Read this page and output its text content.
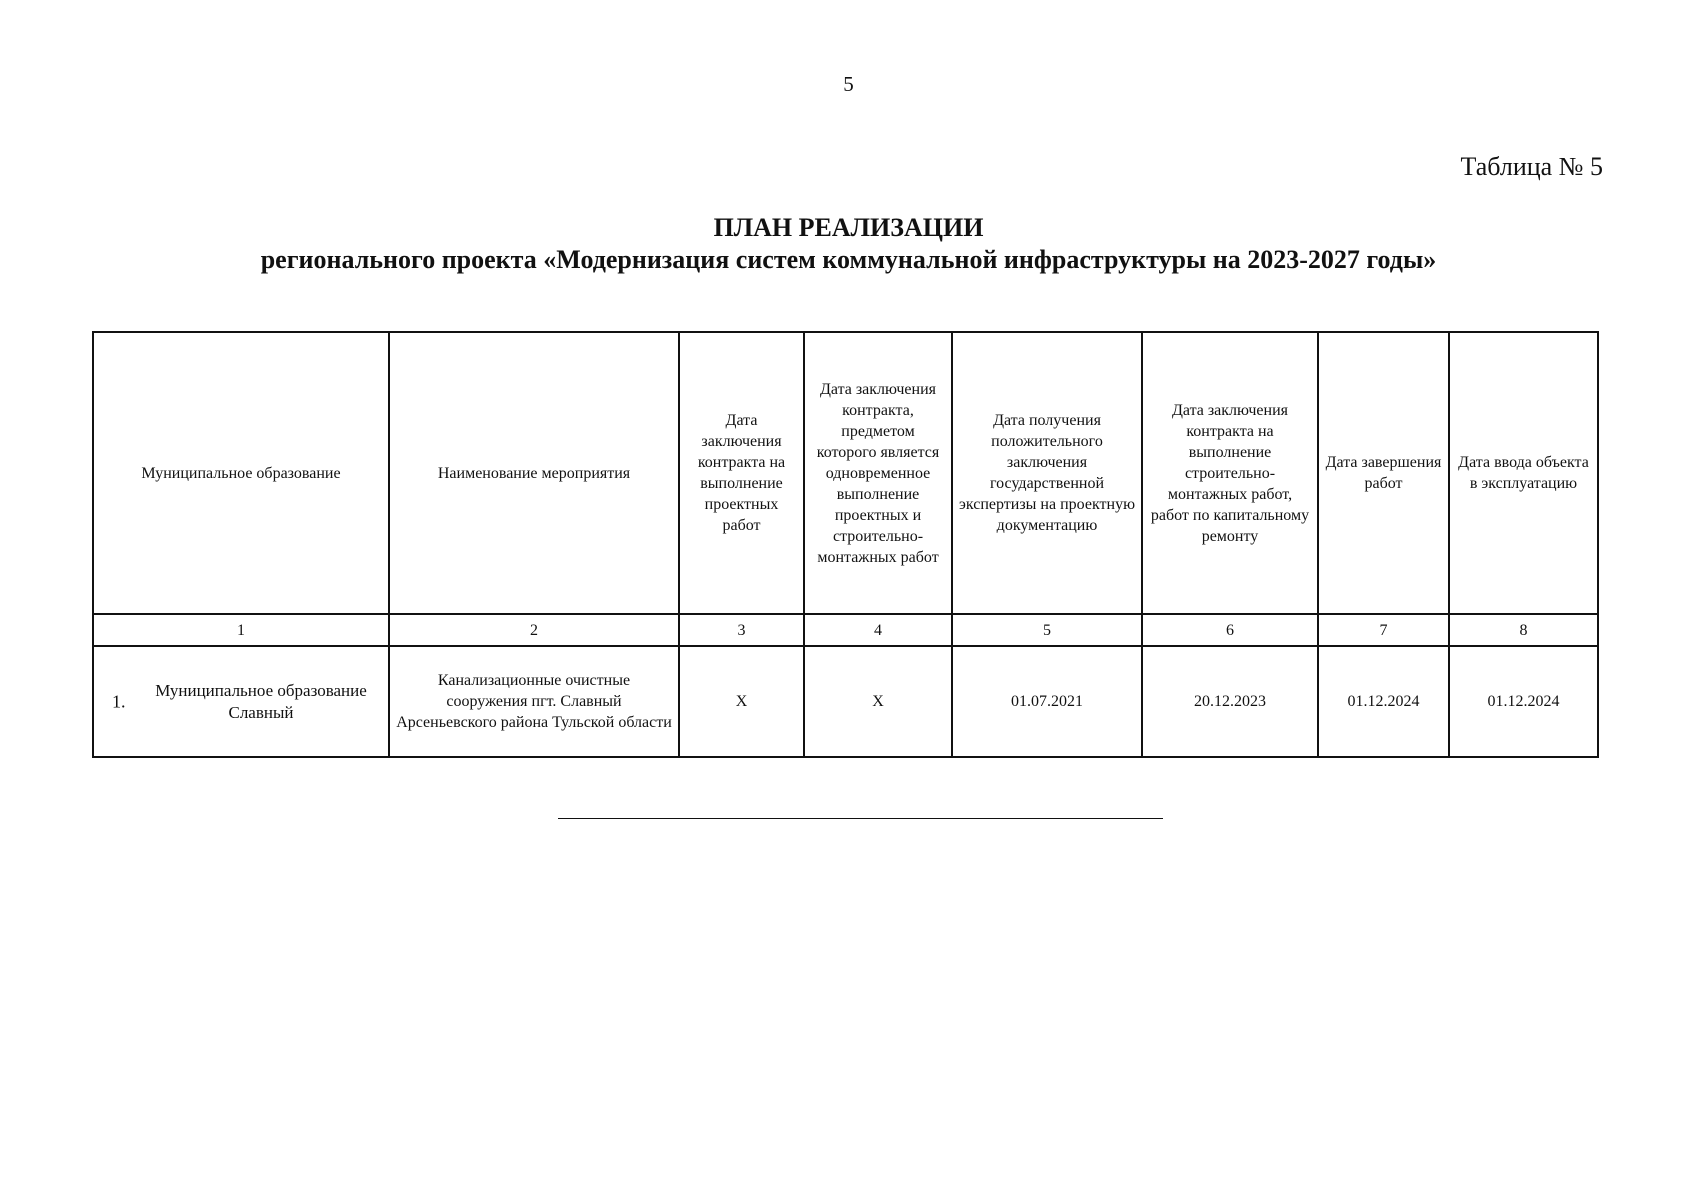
5
Таблица № 5
ПЛАН РЕАЛИЗАЦИИ
регионального проекта «Модернизация систем коммунальной инфраструктуры на 2023-2027 годы»
Муниципальное образование	Наименование мероприятия	Дата заключения контракта на выполнение проектных работ	Дата заключения контракта, предметом которого является одновременное выполнение проектных и строительно-монтажных работ	Дата получения положительного заключения государственной экспертизы на проектную документацию	Дата заключения контракта на выполнение строительно-монтажных работ, работ по капитальному ремонту	Дата завершения работ	Дата ввода объекта в эксплуатацию
1	2	3	4	5	6	7	8

1.
Муниципальное образование Славный	Канализационные очистные сооружения пгт. Славный Арсеньевского района Тульской области	X	X	01.07.2021	20.12.2023	01.12.2024	01.12.2024
